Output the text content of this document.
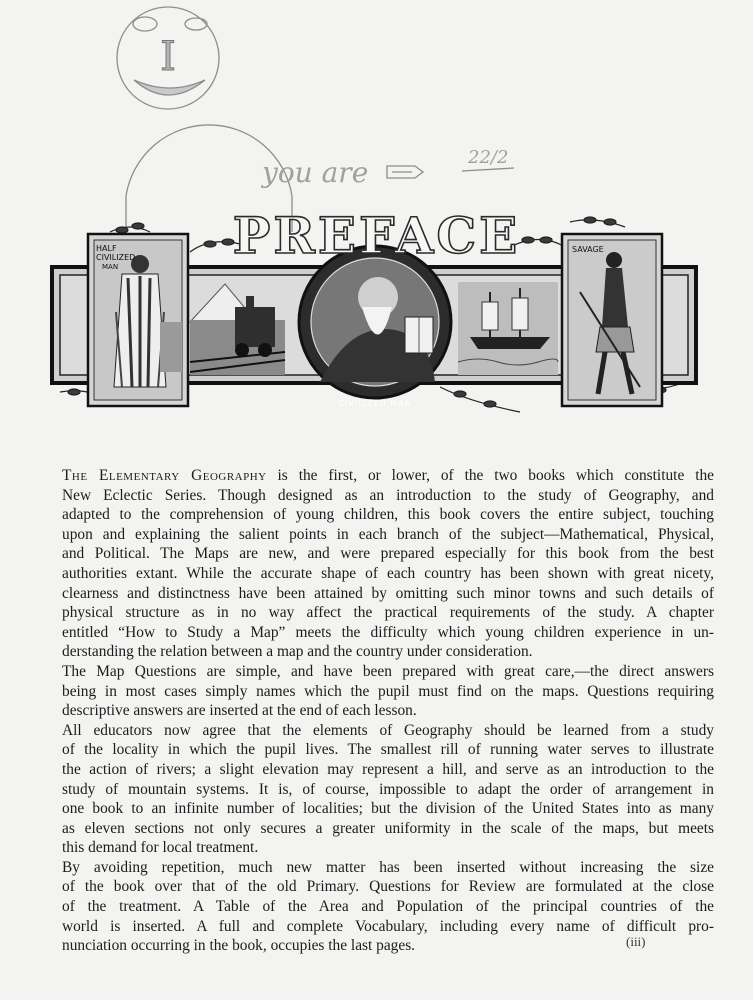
I
you are	22/2
HALF
CIVILIZED
MAN
CIVILIZED MAN
SAVAGE
PREFACE
The Elementary Geography is the first, or lower, of the two books which constitute the
New Eclectic Series. Though designed as an introduction to the study of Geography, and
adapted to the comprehension of young children, this book covers the entire subject, touching
upon and explaining the salient points in each branch of the subject—Mathematical, Physical,
and Political. The Maps are new, and were prepared especially for this book from the best
authorities extant. While the accurate shape of each country has been shown with great nicety,
clearness and distinctness have been attained by omitting such minor towns and such details of
physical structure as in no way affect the practical requirements of the study. A chapter
entitled “How to Study a Map” meets the difficulty which young children experience in un-
derstanding the relation between a map and the country under consideration.
The Map Questions are simple, and have been prepared with great care,—the direct answers
being in most cases simply names which the pupil must find on the maps. Questions requiring
descriptive answers are inserted at the end of each lesson.
All educators now agree that the elements of Geography should be learned from a study
of the locality in which the pupil lives. The smallest rill of running water serves to illustrate
the action of rivers; a slight elevation may represent a hill, and serve as an introduction to the
study of mountain systems. It is, of course, impossible to adapt the order of arrangement in
one book to an infinite number of localities; but the division of the United States into as many
as eleven sections not only secures a greater uniformity in the scale of the maps, but meets
this demand for local treatment.
By avoiding repetition, much new matter has been inserted without increasing the size
of the book over that of the old Primary. Questions for Review are formulated at the close
of the treatment. A Table of the Area and Population of the principal countries of the
world is inserted. A full and complete Vocabulary, including every name of difficult pro-
nunciation occurring in the book, occupies the last pages.	(iii)
